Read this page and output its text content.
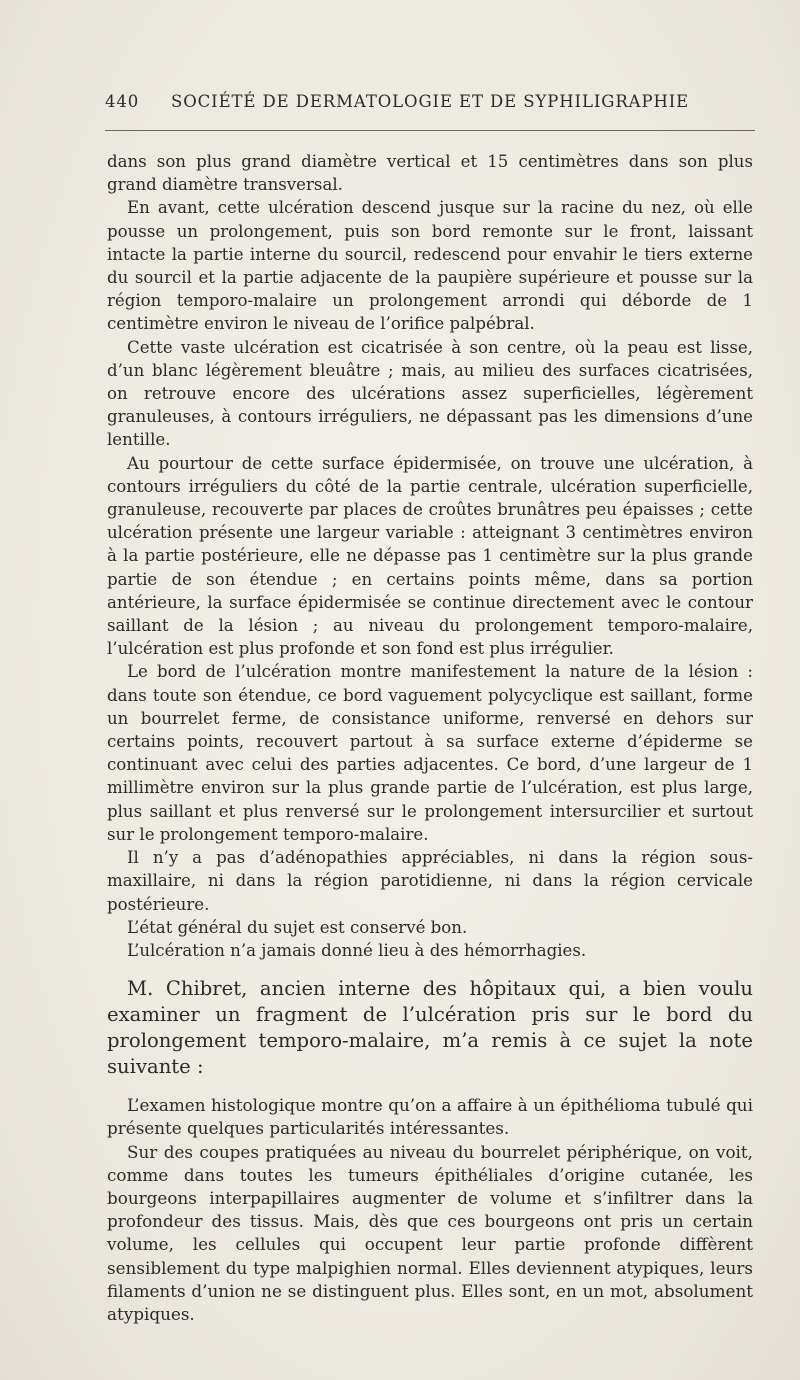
440 SOCIÉTÉ DE DERMATOLOGIE ET DE SYPHILIGRAPHIE

dans son plus grand diamètre vertical et 15 centimètres dans son plus grand diamètre transversal.

En avant, cette ulcération descend jusque sur la racine du nez, où elle pousse un prolongement, puis son bord remonte sur le front, laissant intacte la partie interne du sourcil, redescend pour envahir le tiers externe du sourcil et la partie adjacente de la paupière supérieure et pousse sur la région temporo-malaire un prolongement arrondi qui déborde de 1 centimètre environ le niveau de l’orifice palpébral.

Cette vaste ulcération est cicatrisée à son centre, où la peau est lisse, d’un blanc légèrement bleuâtre ; mais, au milieu des surfaces cicatrisées, on retrouve encore des ulcérations assez superficielles, légèrement granuleuses, à contours irréguliers, ne dépassant pas les dimensions d’une lentille.

Au pourtour de cette surface épidermisée, on trouve une ulcération, à contours irréguliers du côté de la partie centrale, ulcération superficielle, granuleuse, recouverte par places de croûtes brunâtres peu épaisses ; cette ulcération présente une largeur variable : atteignant 3 centimètres environ à la partie postérieure, elle ne dépasse pas 1 centimètre sur la plus grande partie de son étendue ; en certains points même, dans sa portion antérieure, la surface épidermisée se continue directement avec le contour saillant de la lésion ; au niveau du prolongement temporo-malaire, l’ulcération est plus profonde et son fond est plus irrégulier.

Le bord de l’ulcération montre manifestement la nature de la lésion : dans toute son étendue, ce bord vaguement polycyclique est saillant, forme un bourrelet ferme, de consistance uniforme, renversé en dehors sur certains points, recouvert partout à sa surface externe d’épiderme se continuant avec celui des parties adjacentes. Ce bord, d’une largeur de 1 millimètre environ sur la plus grande partie de l’ulcération, est plus large, plus saillant et plus renversé sur le prolongement intersurcilier et surtout sur le prolongement temporo-malaire.

Il n’y a pas d’adénopathies appréciables, ni dans la région sous-maxillaire, ni dans la région parotidienne, ni dans la région cervicale postérieure.

L’état général du sujet est conservé bon.

L’ulcération n’a jamais donné lieu à des hémorrhagies.

M. Chibret, ancien interne des hôpitaux qui, a bien voulu examiner un fragment de l’ulcération pris sur le bord du prolongement temporo-malaire, m’a remis à ce sujet la note suivante :

L’examen histologique montre qu’on a affaire à un épithélioma tubulé qui présente quelques particularités intéressantes.

Sur des coupes pratiquées au niveau du bourrelet périphérique, on voit, comme dans toutes les tumeurs épithéliales d’origine cutanée, les bourgeons interpapillaires augmenter de volume et s’infiltrer dans la profondeur des tissus. Mais, dès que ces bourgeons ont pris un certain volume, les cellules qui occupent leur partie profonde diffèrent sensiblement du type malpighien normal. Elles deviennent atypiques, leurs filaments d’union ne se distinguent plus. Elles sont, en un mot, absolument atypiques.
